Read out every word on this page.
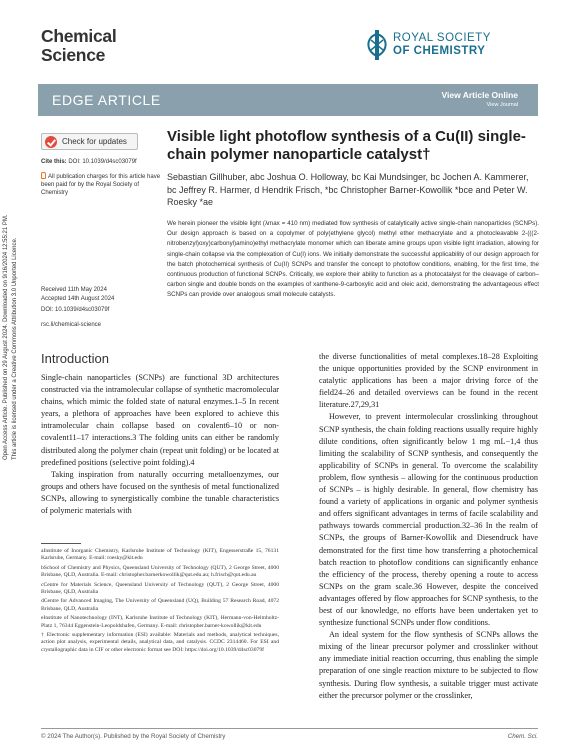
Chemical
Science
ROYAL SOCIETY
OF CHEMISTRY
EDGE ARTICLE	View Article Online
View Journal
Open Access Article. Published on 29 August 2024. Downloaded on 9/16/2024 12:55:21 PM. This article is licensed under a Creative Commons Attribution 3.0 Unported Licence.
Check for updates
Cite this: DOI: 10.1039/d4sc03079f
All publication charges for this article have been paid for by the Royal Society of Chemistry
Received 11th May 2024
Accepted 14th August 2024
DOI: 10.1039/d4sc03079f
rsc.li/chemical-science
Visible light photoflow synthesis of a Cu(II) single-chain polymer nanoparticle catalyst†
Sebastian Gillhuber, abc Joshua O. Holloway, bc Kai Mundsinger, bc Jochen A. Kammerer, bc Jeffrey R. Harmer, d Hendrik Frisch, *bc Christopher Barner-Kowollik *bce and Peter W. Roesky *ae
We herein pioneer the visible light (λmax = 410 nm) mediated flow synthesis of catalytically active single-chain nanoparticles (SCNPs). Our design approach is based on a copolymer of poly(ethylene glycol) methyl ether methacrylate and a photocleavable 2-(((2-nitrobenzyl)oxy)carbonyl)amino)ethyl methacrylate monomer which can liberate amine groups upon visible light irradiation, allowing for single-chain collapse via the complexation of Cu(I) ions. We initially demonstrate the successful applicability of our design approach for the batch photochemical synthesis of Cu(II) SCNPs and transfer the concept to photoflow conditions, enabling, for the first time, the continuous production of functional SCNPs. Critically, we explore their ability to function as a photocatalyst for the cleavage of carbon–carbon single and double bonds on the examples of xanthene-9-carboxylic acid and oleic acid, demonstrating the advantageous effect SCNPs can provide over analogous small molecule catalysts.
Introduction

Single-chain nanoparticles (SCNPs) are functional 3D architectures constructed via the intramolecular collapse of synthetic macromolecular chains, which mimic the folded state of natural enzymes.1–5 In recent years, a plethora of approaches have been explored to achieve this intramolecular chain collapse based on covalent6–10 or non-covalent11–17 interactions.3 The folding units can either be randomly distributed along the polymer chain (repeat unit folding) or be located at predefined positions (selective point folding).4

Taking inspiration from naturally occurring metalloenzymes, our groups and others have focused on the synthesis of metal functionalized SCNPs, allowing to synergistically combine the tunable characteristics of polymeric materials with

aInstitute of Inorganic Chemistry, Karlsruhe Institute of Technology (KIT), Engesserstraße 15, 76131 Karlsruhe, Germany. E-mail: roesky@kit.edu

bSchool of Chemistry and Physics, Queensland University of Technology (QUT), 2 George Street, 4000 Brisbane, QLD, Australia. E-mail: christopher.barnerkowollik@qut.edu.au; h.frisch@qut.edu.au

cCentre for Materials Science, Queensland University of Technology (QUT), 2 George Street, 4000 Brisbane, QLD, Australia

dCentre for Advanced Imaging, The University of Queensland (UQ), Building 57 Research Road, 4072 Brisbane, QLD, Australia

eInstitute of Nanotechnology (INT), Karlsruhe Institute of Technology (KIT), Hermann-von-Helmholtz-Platz 1, 76344 Eggenstein-Leopoldshafen, Germany. E-mail: christopher.barner-kowollik@kit.edu

† Electronic supplementary information (ESI) available: Materials and methods, analytical techniques, action plot analysis, experimental details, analytical data, and catalysis. CCDC 2314460. For ESI and crystallographic data in CIF or other electronic format see DOI: https://doi.org/10.1039/d4sc03079f

the diverse functionalities of metal complexes.18–28 Exploiting the unique opportunities provided by the SCNP environment in catalytic applications has been a major driving force of the field24–26 and detailed overviews can be found in the recent literature.27,29,31

However, to prevent intermolecular crosslinking throughout SCNP synthesis, the chain folding reactions usually require highly dilute conditions, often significantly below 1 mg mL−1,4 thus limiting the scalability of SCNP synthesis, and consequently the applicability of SCNPs in general. To overcome the scalability problem, flow synthesis – allowing for the continuous production of SCNPs – is highly desirable. In general, flow chemistry has found a variety of applications in organic and polymer synthesis and offers significant advantages in terms of facile scalability and pathways towards commercial production.32–36 In the realm of SCNPs, the groups of Barner-Kowollik and Diesendruck have demonstrated for the first time how transferring a photochemical batch reaction to photoflow conditions can significantly enhance the efficiency of the process, thereby opening a route to access SCNPs on the gram scale.36 However, despite the conceived advantages offered by flow approaches for SCNP synthesis, to the best of our knowledge, no efforts have been undertaken yet to synthesize functional SCNPs under flow conditions.

An ideal system for the flow synthesis of SCNPs allows the mixing of the linear precursor polymer and crosslinker without any immediate initial reaction occurring, thus enabling the simple preparation of one single reaction mixture to be subjected to flow synthesis. During flow synthesis, a suitable trigger must activate either the precursor polymer or the crosslinker,

© 2024 The Author(s). Published by the Royal Society of Chemistry	Chem. Sci.
